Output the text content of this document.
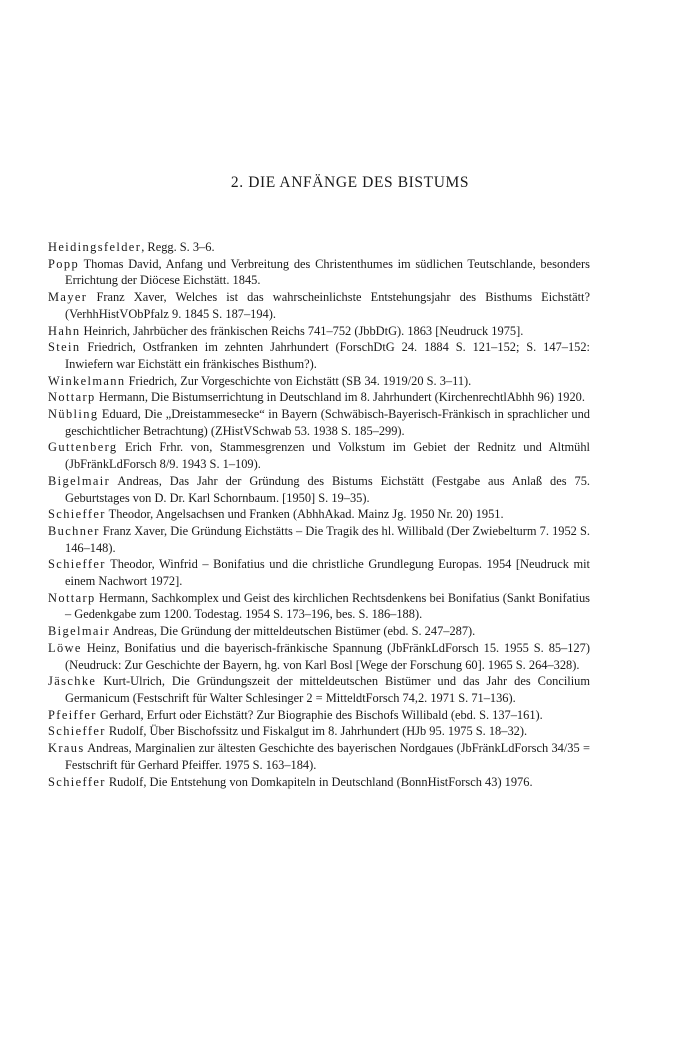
2. DIE ANFÄNGE DES BISTUMS
Heidingsfelder, Regg. S. 3–6.
Popp Thomas David, Anfang und Verbreitung des Christenthumes im südlichen Teutschlande, besonders Errichtung der Diöcese Eichstätt. 1845.
Mayer Franz Xaver, Welches ist das wahrscheinlichste Entstehungsjahr des Bisthums Eichstätt? (VerhhHistVObPfalz 9. 1845 S. 187–194).
Hahn Heinrich, Jahrbücher des fränkischen Reichs 741–752 (JbbDtG). 1863 [Neudruck 1975].
Stein Friedrich, Ostfranken im zehnten Jahrhundert (ForschDtG 24. 1884 S. 121–152; S. 147–152: Inwiefern war Eichstätt ein fränkisches Bisthum?).
Winkelmann Friedrich, Zur Vorgeschichte von Eichstätt (SB 34. 1919/20 S. 3–11).
Nottarp Hermann, Die Bistumserrichtung in Deutschland im 8. Jahrhundert (KirchenrechtlAbhh 96) 1920.
Nübling Eduard, Die „Dreistammesecke“ in Bayern (Schwäbisch-Bayerisch-Fränkisch in sprachlicher und geschichtlicher Betrachtung) (ZHistVSchwab 53. 1938 S. 185–299).
Guttenberg Erich Frhr. von, Stammesgrenzen und Volkstum im Gebiet der Rednitz und Altmühl (JbFränkLdForsch 8/9. 1943 S. 1–109).
Bigelmair Andreas, Das Jahr der Gründung des Bistums Eichstätt (Festgabe aus Anlaß des 75. Geburtstages von D. Dr. Karl Schornbaum. [1950] S. 19–35).
Schieffer Theodor, Angelsachsen und Franken (AbhhAkad. Mainz Jg. 1950 Nr. 20) 1951.
Buchner Franz Xaver, Die Gründung Eichstätts – Die Tragik des hl. Willibald (Der Zwiebelturm 7. 1952 S. 146–148).
Schieffer Theodor, Winfrid – Bonifatius und die christliche Grundlegung Europas. 1954 [Neudruck mit einem Nachwort 1972].
Nottarp Hermann, Sachkomplex und Geist des kirchlichen Rechtsdenkens bei Bonifatius (Sankt Bonifatius – Gedenkgabe zum 1200. Todestag. 1954 S. 173–196, bes. S. 186–188).
Bigelmair Andreas, Die Gründung der mitteldeutschen Bistümer (ebd. S. 247–287).
Löwe Heinz, Bonifatius und die bayerisch-fränkische Spannung (JbFränkLdForsch 15. 1955 S. 85–127) (Neudruck: Zur Geschichte der Bayern, hg. von Karl Bosl [Wege der Forschung 60]. 1965 S. 264–328).
Jäschke Kurt-Ulrich, Die Gründungszeit der mitteldeutschen Bistümer und das Jahr des Concilium Germanicum (Festschrift für Walter Schlesinger 2 = MitteldtForsch 74,2. 1971 S. 71–136).
Pfeiffer Gerhard, Erfurt oder Eichstätt? Zur Biographie des Bischofs Willibald (ebd. S. 137–161).
Schieffer Rudolf, Über Bischofssitz und Fiskalgut im 8. Jahrhundert (HJb 95. 1975 S. 18–32).
Kraus Andreas, Marginalien zur ältesten Geschichte des bayerischen Nordgaues (JbFränkLdForsch 34/35 = Festschrift für Gerhard Pfeiffer. 1975 S. 163–184).
Schieffer Rudolf, Die Entstehung von Domkapiteln in Deutschland (BonnHistForsch 43) 1976.
